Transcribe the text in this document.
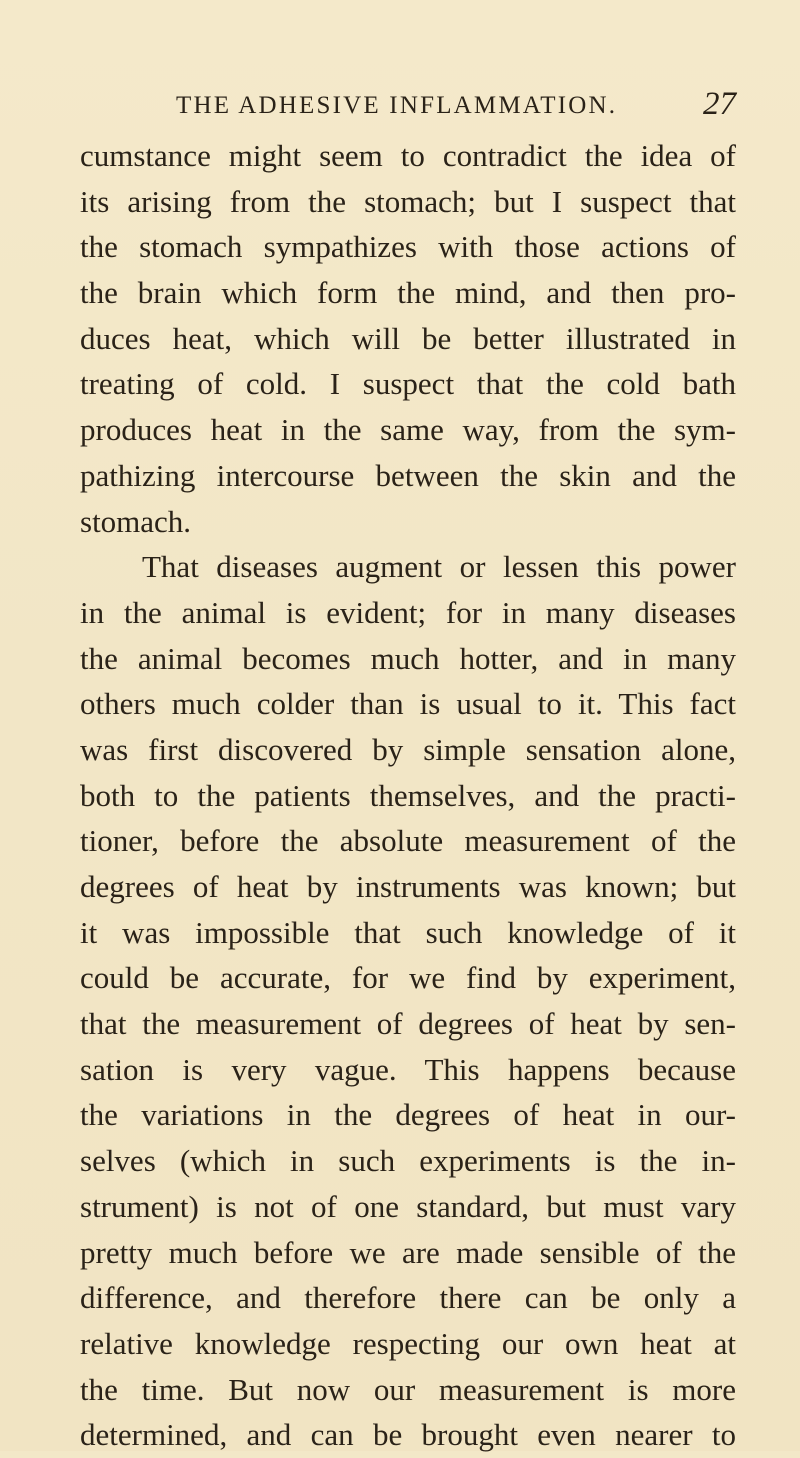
THE ADHESIVE INFLAMMATION.	27
cumstance might seem to contradict the idea of
its arising from the stomach; but I suspect that
the stomach sympathizes with those actions of
the brain which form the mind, and then pro-
duces heat, which will be better illustrated in
treating of cold. I suspect that the cold bath
produces heat in the same way, from the sym-
pathizing intercourse between the skin and the
stomach.
That diseases augment or lessen this power
in the animal is evident; for in many diseases
the animal becomes much hotter, and in many
others much colder than is usual to it. This fact
was first discovered by simple sensation alone,
both to the patients themselves, and the practi-
tioner, before the absolute measurement of the
degrees of heat by instruments was known; but
it was impossible that such knowledge of it
could be accurate, for we find by experiment,
that the measurement of degrees of heat by sen-
sation is very vague. This happens because
the variations in the degrees of heat in our-
selves (which in such experiments is the in-
strument) is not of one standard, but must vary
pretty much before we are made sensible of the
difference, and therefore there can be only a
relative knowledge respecting our own heat at
the time. But now our measurement is more
determined, and can be brought even nearer to
